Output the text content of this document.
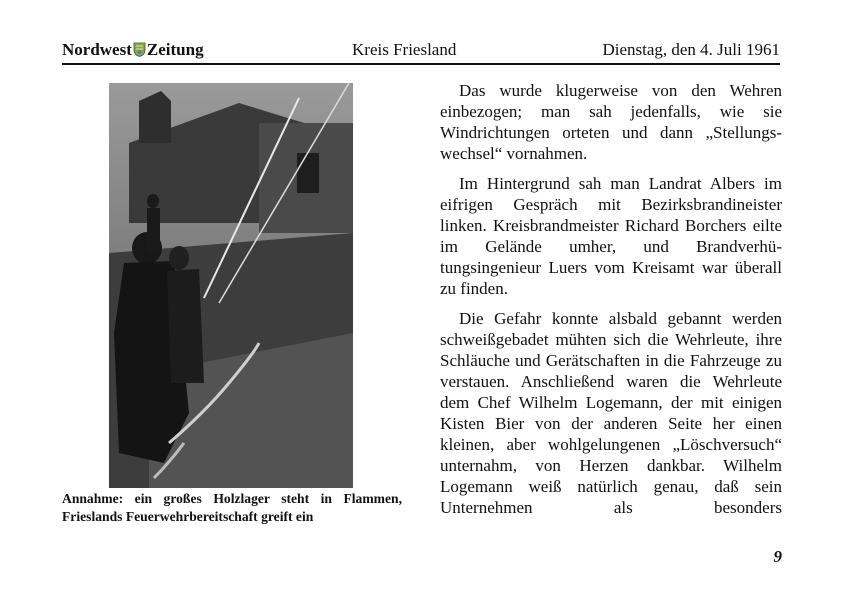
Nordwest Zeitung	Kreis Friesland	Dienstag, den 4. Juli 1961
Annahme: ein großes Holzlager steht in Flammen, Frieslands Feuerwehrbereitschaft greift ein

Das wurde klugerweise von den Wehren einbezogen; man sah jedenfalls, wie sie Windrichtungen orteten und dann „Stellungswechsel“ vornahmen.

Im Hintergrund sah man Landrat Albers im eifrigen Gespräch mit Bezirksbrandineister linken. Kreisbrandmeister Richard Borchers eilte im Gelände umher, und Brandverhütungsingenieur Luers vom Kreisamt war überall zu finden.

Die Gefahr konnte alsbald gebannt werden schweißgebadet mühten sich die Wehrleute, ihre Schläuche und Gerätschaften in die Fahrzeuge zu verstauen. Anschließend waren die Wehrleute dem Chef Wilhelm Logemann, der mit einigen Kisten Bier von der anderen Seite her einen kleinen, aber wohlgelungenen „Löschversuch“ unternahm, von Herzen dankbar. Wilhelm Logemann weiß natürlich genau, daß sein Unternehmen als besonders

9
